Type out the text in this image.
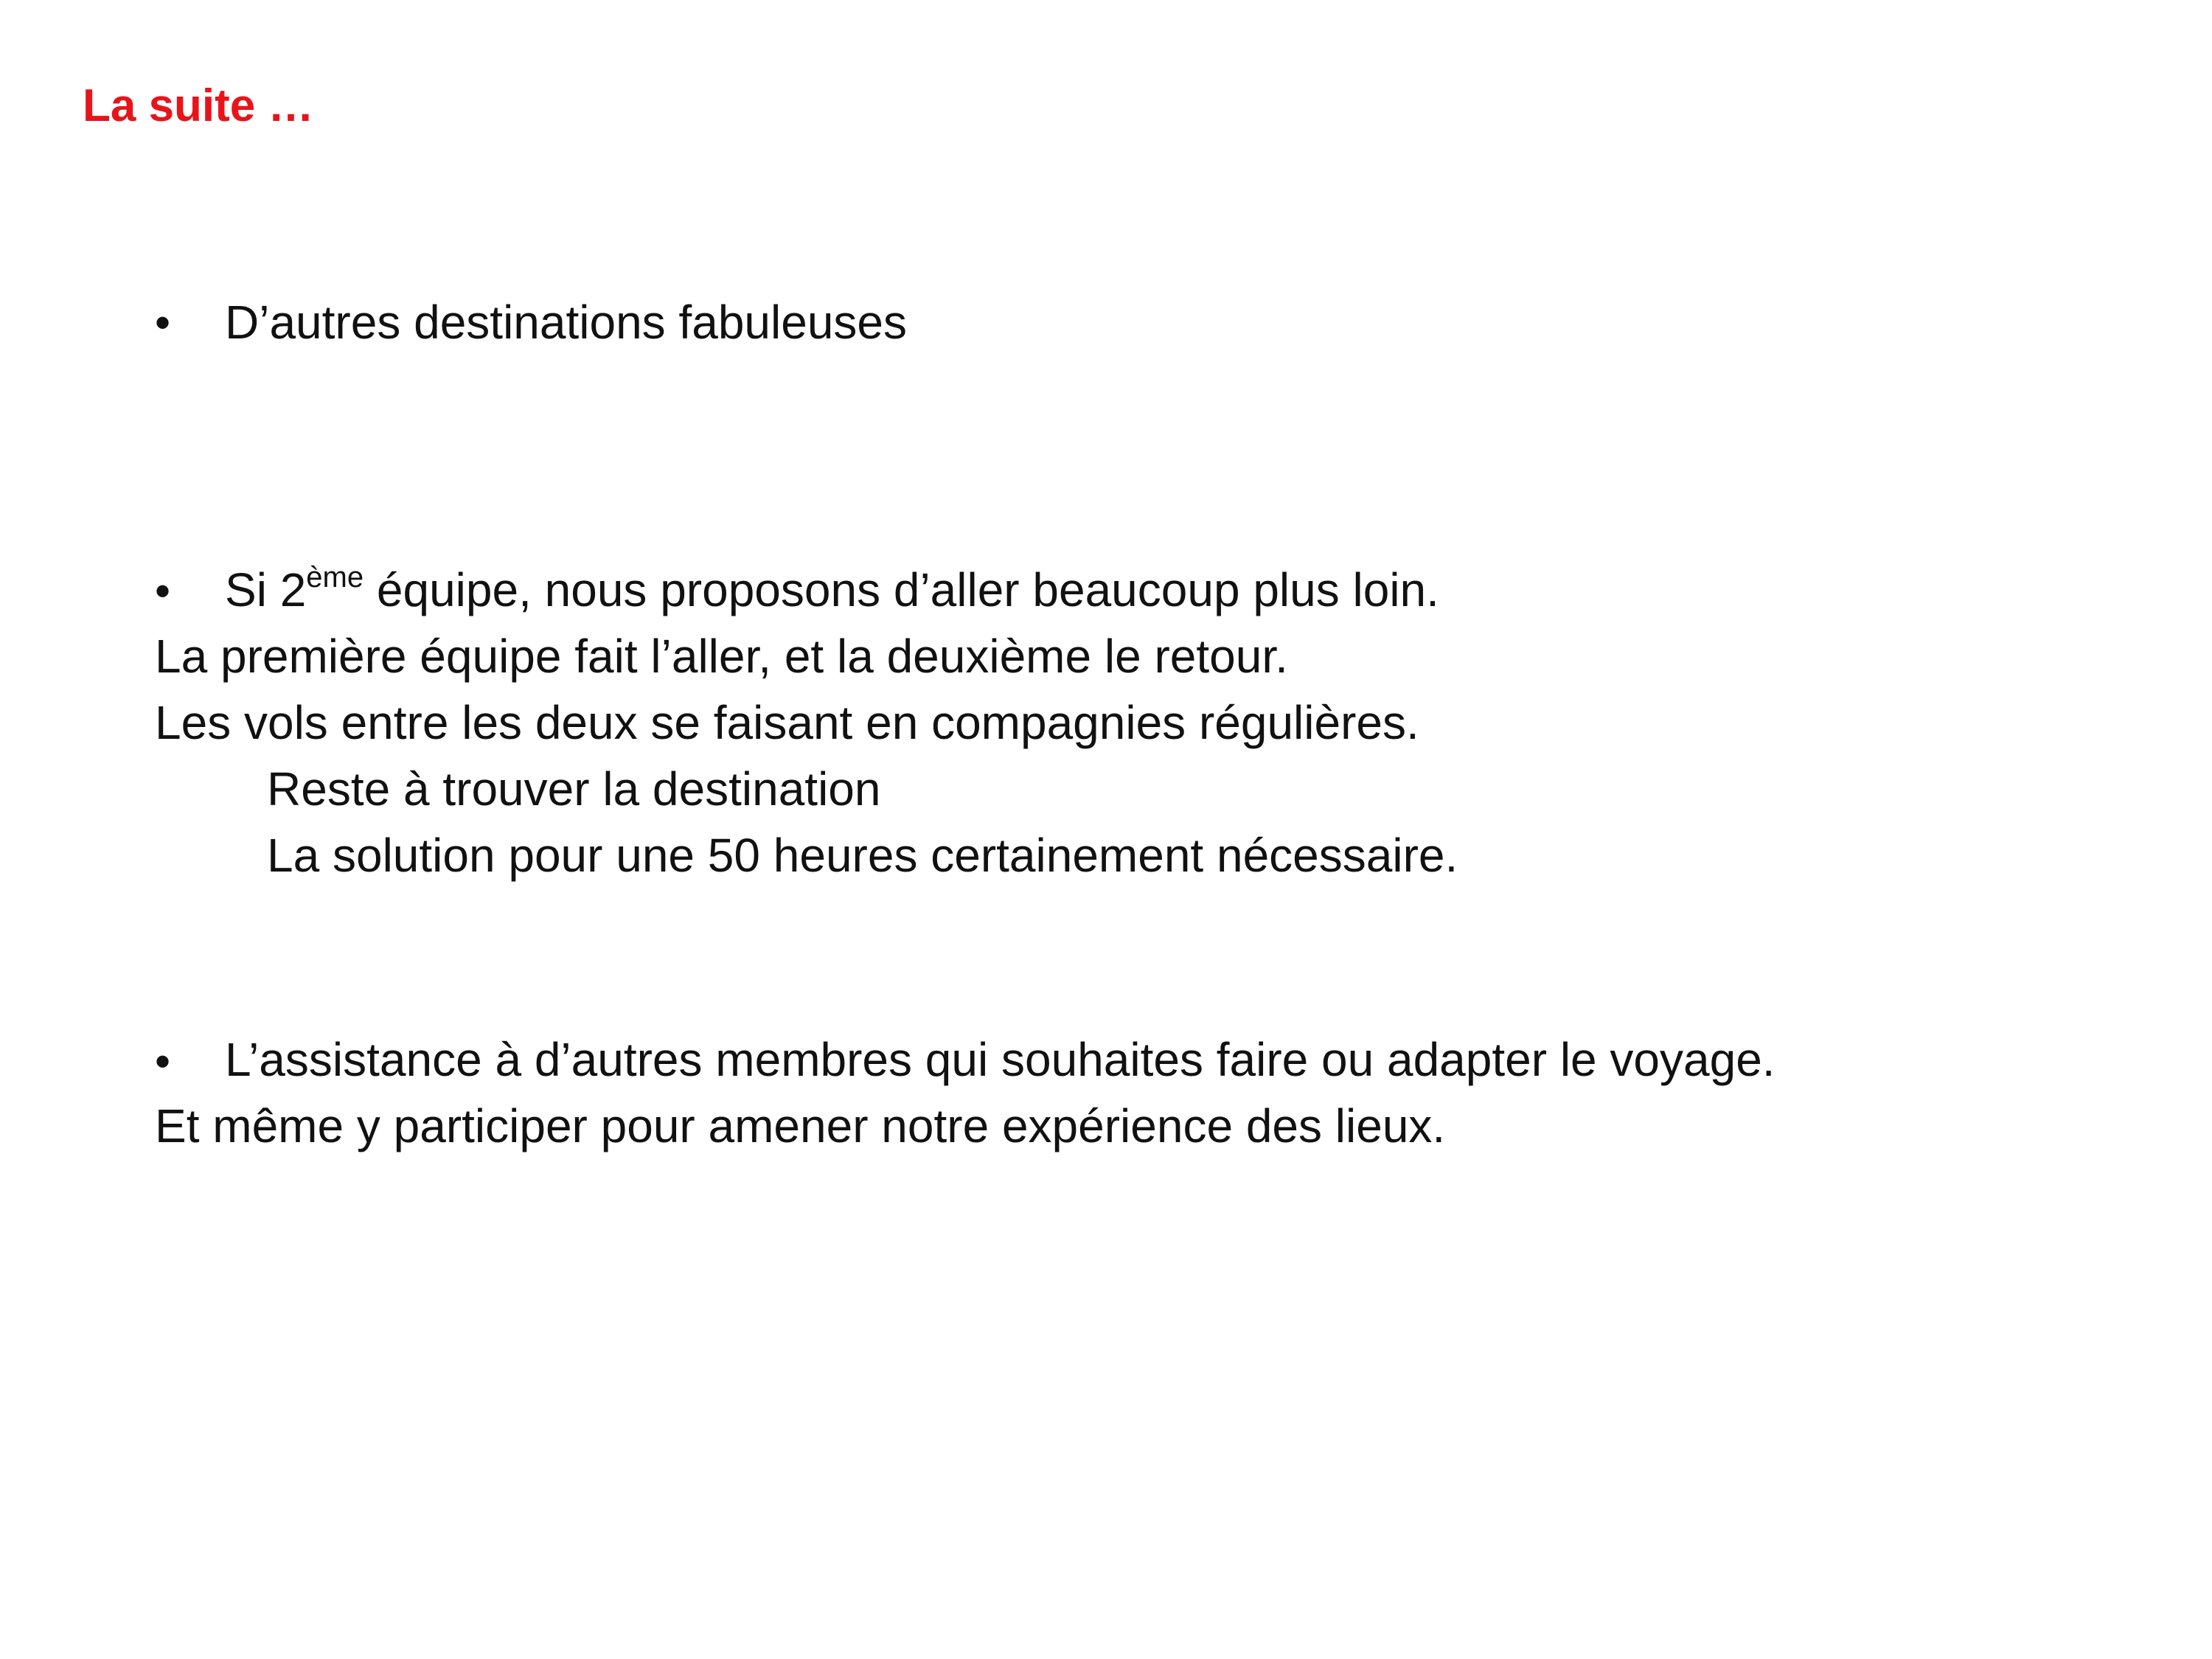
La suite …
• D’autres destinations fabuleuses
• Si 2ème équipe, nous proposons d’aller beaucoup plus loin.
La première équipe fait l’aller, et la deuxième le retour.
Les vols entre les deux se faisant en compagnies régulières.
Reste à trouver la destination
La solution pour une 50 heures certainement nécessaire.
• L’assistance à d’autres membres qui souhaites faire ou adapter le voyage.
Et même y participer pour amener notre expérience des lieux.
